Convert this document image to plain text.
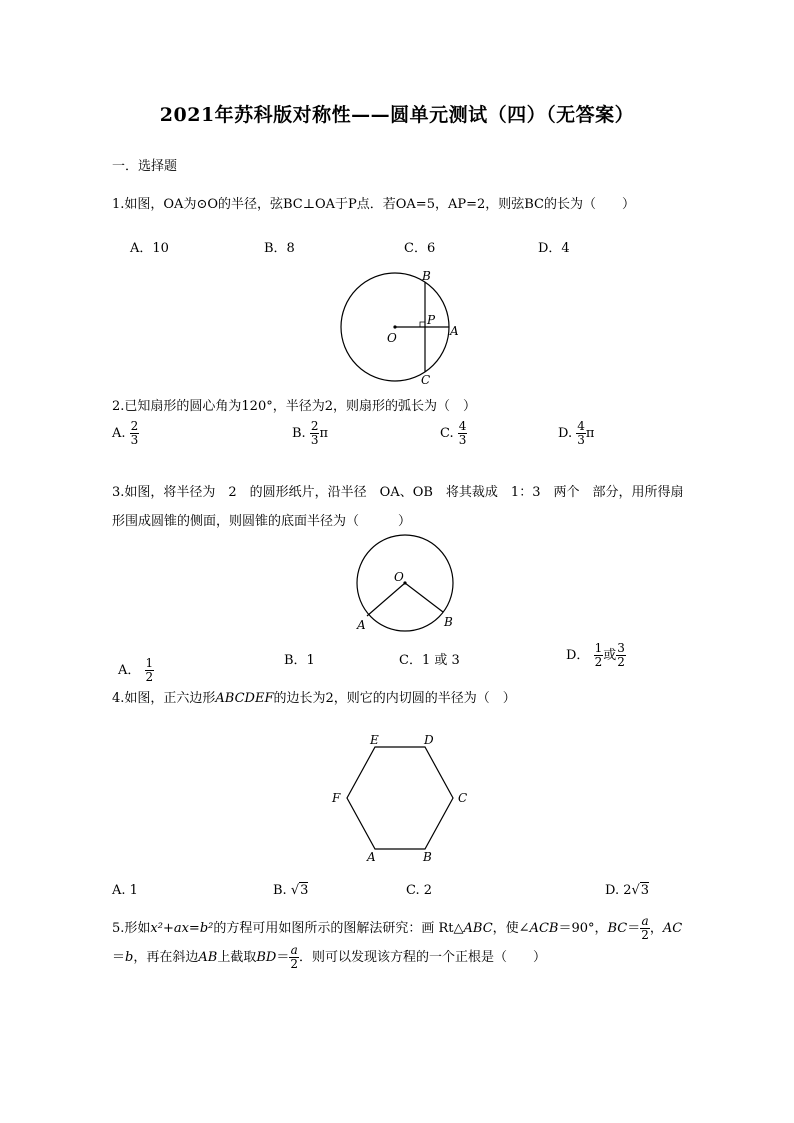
2021年苏科版对称性——圆单元测试（四）（无答案）
一．选择题
1.如图，OA为⊙O的半径，弦BC⊥OA于P点．若OA=5，AP=2，则弦BC的长为（　　）
A．10	B．8	C．6	D．4
B
P
A
O
C
2.已知扇形的圆心角为120°，半径为2，则扇形的弧长为（　）
A. $\frac{2}{3}$	B. $\frac{2}{3}$ π	C. $\frac{4}{3}$	D. $\frac{4}{3}$ π
3.如图，将半径为　2　的圆形纸片，沿半径　OA、OB　将其裁成　1：3　两个　部分，用所得扇
形围成圆锥的侧面，则圆锥的底面半径为（　　　）
O
A	B
A． $\frac{1}{2}$	B．1	C．1 或 3	D． $\frac{1}{2}$ 或 $\frac{3}{2}$
4.如图，正六边形ABCDEF的边长为2，则它的内切圆的半径为（　）
A	B
C
D
E
F
A. 1	B. √3	C. 2	D. 2√3
5.形如x²+ax=b²的方程可用如图所示的图解法研究：画 Rt△ABC，使∠ACB＝90°，$BC= \frac{a}{2}$ ，AC
＝b，再在斜边AB上截取$BD= \frac{a}{2}$ ．则可以发现该方程的一个正根是（　　）
